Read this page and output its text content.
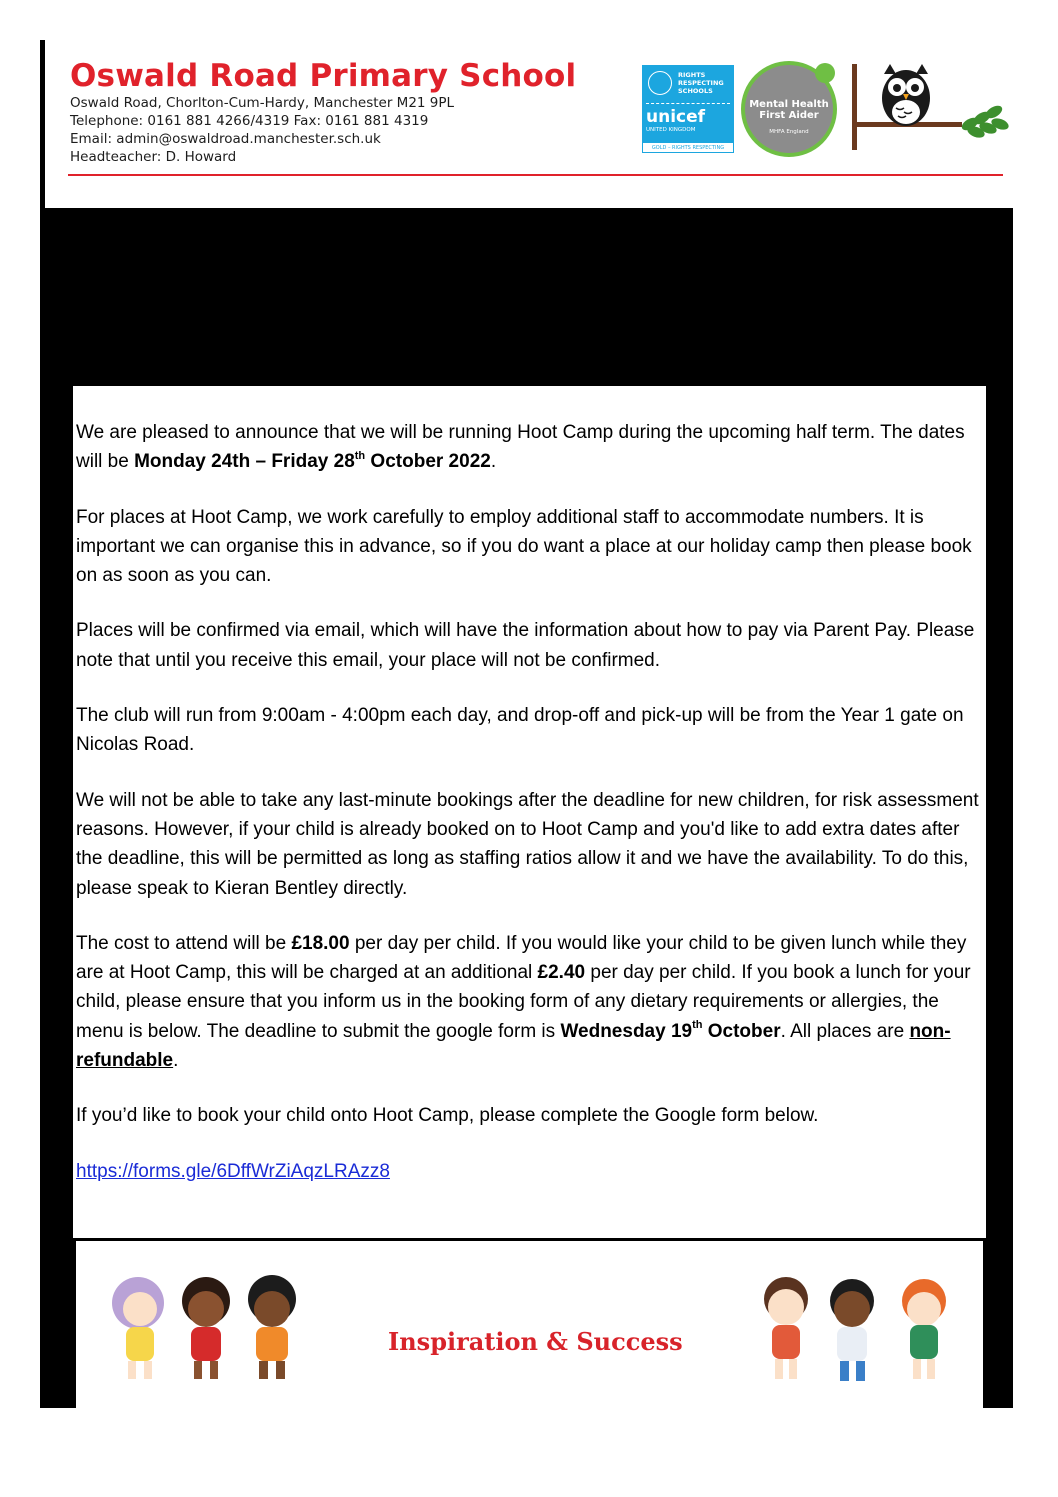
Oswald Road Primary School

Oswald Road, Chorlton-Cum-Hardy, Manchester M21 9PL

Telephone: 0161 881 4266/4319 Fax: 0161 881 4319

Email: admin@oswaldroad.manchester.sch.uk

Headteacher: D. Howard

RIGHTS RESPECTING SCHOOLS
unicef
UNITED KINGDOM
GOLD – RIGHTS RESPECTING
Mental Health First Aider
MHFA England

We are pleased to announce that we will be running Hoot Camp during the upcoming half term. The dates will be Monday 24th – Friday 28th October 2022.

For places at Hoot Camp, we work carefully to employ additional staff to accommodate numbers. It is important we can organise this in advance, so if you do want a place at our holiday camp then please book on as soon as you can.

Places will be confirmed via email, which will have the information about how to pay via Parent Pay. Please note that until you receive this email, your place will not be confirmed.

The club will run from 9:00am - 4:00pm each day, and drop-off and pick-up will be from the Year 1 gate on Nicolas Road.

We will not be able to take any last-minute bookings after the deadline for new children, for risk assessment reasons. However, if your child is already booked on to Hoot Camp and you'd like to add extra dates after the deadline, this will be permitted as long as staffing ratios allow it and we have the availability. To do this, please speak to Kieran Bentley directly.

The cost to attend will be £18.00 per day per child. If you would like your child to be given lunch while they are at Hoot Camp, this will be charged at an additional £2.40 per day per child. If you book a lunch for your child, please ensure that you inform us in the booking form of any dietary requirements or allergies, the menu is below. The deadline to submit the google form is Wednesday 19th October. All places are non-refundable.

If you’d like to book your child onto Hoot Camp, please complete the Google form below.

https://forms.gle/6DffWrZiAqzLRAzz8

Inspiration & Success
